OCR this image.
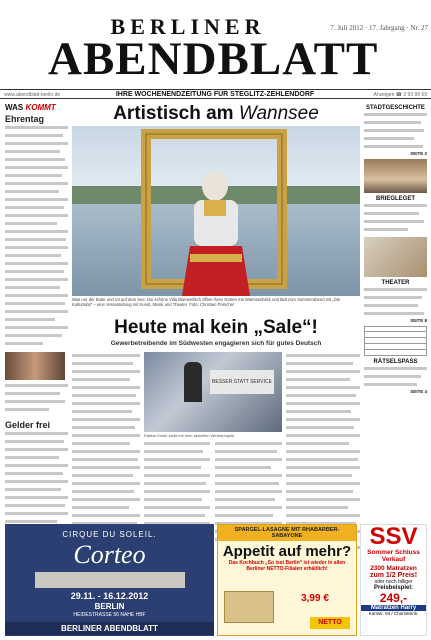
7. Juli 2012 · 17. Jahrgang · Nr. 27
BERLINER
ABENDBLATT
www.abendblatt-berlin.de	IHRE WOCHENENDZEITUNG FÜR STEGLITZ-ZEHLENDORF	Anzeigen ☎ 2 93 99 69
WAS KOMMT
Ehrentag
Gelder frei
Artistisch am Wannsee
Was nur der Bude und rot auf dem See: Die schöne Villa Blumenfisch öffnet ihren Garten mit Wannseeblick und lädt zum Sommerabend mit „Die Kulturtafel“ – eine Veranstaltung mit Kunst, Musik und Theater. Foto: Christian Parschel
Heute mal kein „Sale“!
Gewerbetreibende im Südwesten engagieren sich für gutes Deutsch
BESSER STATT SERVICE
Patrick Koller wirbt mit dem aktuellen Werbeprojekt
STADTGESCHICHTE
SEITE 2
BRIEGLEGET
THEATER
SEITE 8
RÄTSELSPASS
SEITE 4
CIRQUE DU SOLEIL.
Corteo
29.11. - 16.12.2012
BERLIN
HEIDESTRASSE 56 NAHE HBF
BERLINER ABENDBLATT
SPARGEL-LASAGNE MIT RHABARBER-SABAYONE
Appetit auf mehr?
Das Kochbuch „So isst Berlin“ ist wieder in allen Berliner NETTO-Filialen erhältlich!
3,99 €
NETTO
SSV
Sommer Schluss Verkauf
2300 Matratzen
zum 1/2 Preis!
oder noch billiger
Preisbeispiel:
249,-
Matratzen Harry
Kantstr. 93 / Charlottenb.
